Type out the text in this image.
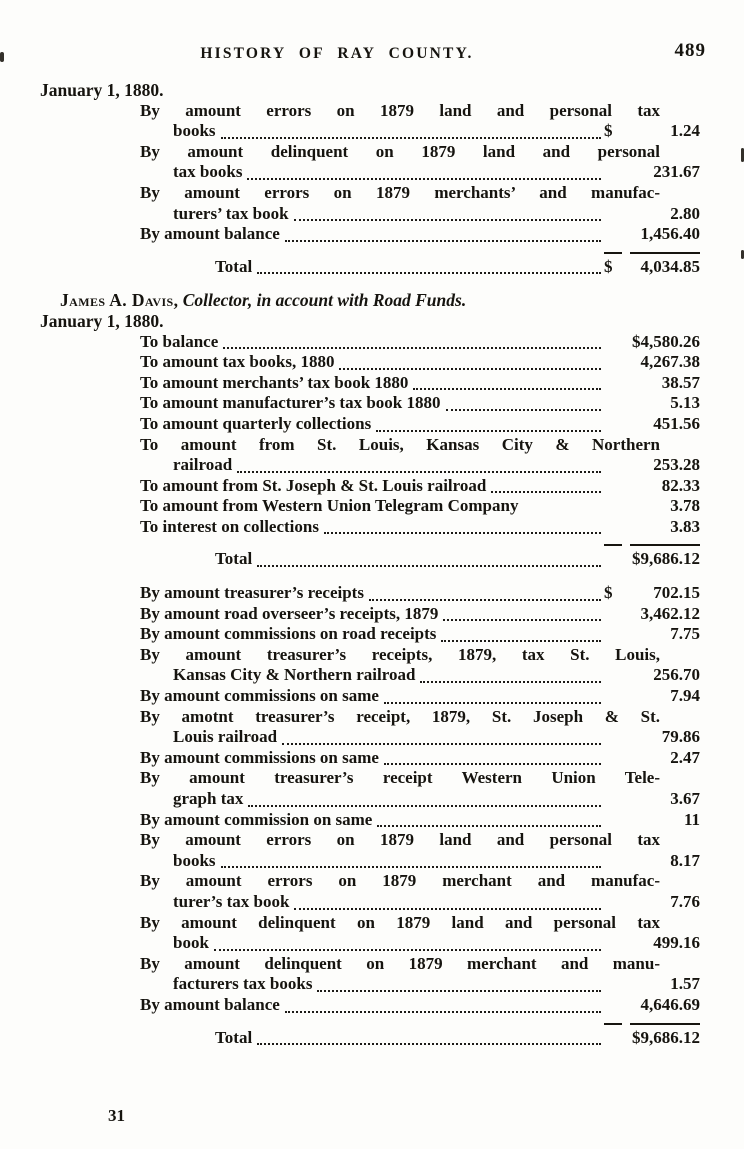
HISTORY OF RAY COUNTY.	489
January 1, 1880.
By amount errors on 1879 land and personal tax
books	$	1.24
By amount delinquent on 1879 land and personal
tax books	231.67
By amount errors on 1879 merchants’ and manufac-
turers’ tax book	2.80
By amount balance	1,456.40
Total	$ 4,034.85
James A. Davis, Collector, in account with Road Funds.
January 1, 1880.
To balance	$4,580.26
To amount tax books, 1880	4,267.38
To amount merchants’ tax book 1880	38.57
To amount manufacturer’s tax book 1880	5.13
To amount quarterly collections	451.56
To amount from St. Louis, Kansas City & Northern
railroad	253.28
To amount from St. Joseph & St. Louis railroad	82.33
To amount from Western Union Telegram Company	3.78
To interest on collections	3.83
Total	$9,686.12
By amount treasurer’s receipts	$ 702.15
By amount road overseer’s receipts, 1879	3,462.12
By amount commissions on road receipts	7.75
By amount treasurer’s receipts, 1879, tax St. Louis,
Kansas City & Northern railroad	256.70
By amount commissions on same	7.94
By amotnt treasurer’s receipt, 1879, St. Joseph & St.
Louis railroad	79.86
By amount commissions on same	2.47
By amount treasurer’s receipt Western Union Tele-
graph tax	3.67
By amount commission on same	11
By amount errors on 1879 land and personal tax
books	8.17
By amount errors on 1879 merchant and manufac-
turer’s tax book	7.76
By amount delinquent on 1879 land and personal tax
book	499.16
By amount delinquent on 1879 merchant and manu-
facturers tax books	1.57
By amount balance	4,646.69
Total	$9,686.12
31
